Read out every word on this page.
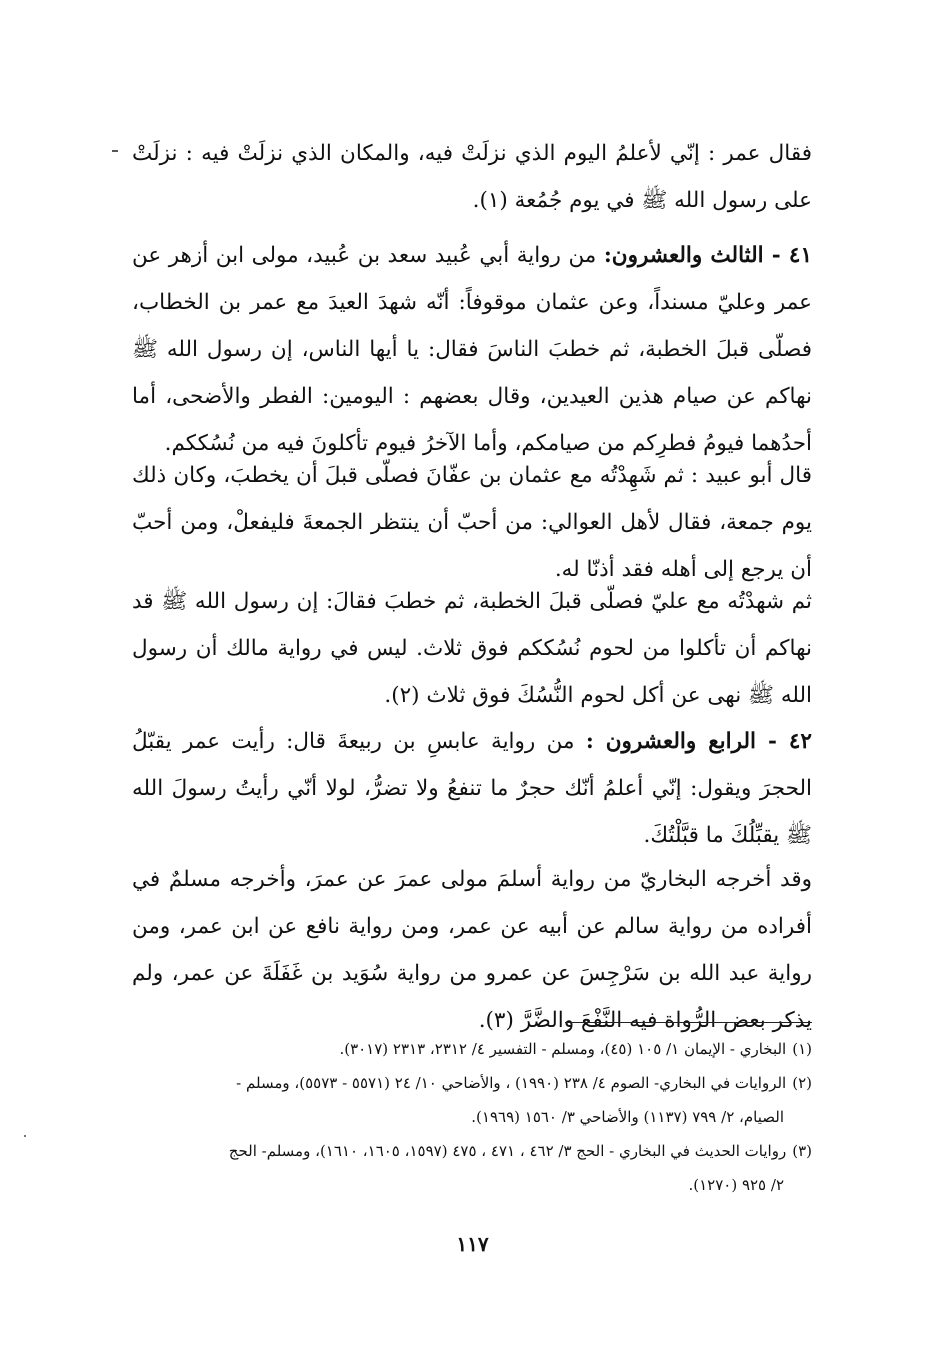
فقال عمر : إنّي لأعلمُ اليوم الذي نزلَتْ فيه، والمكان الذي نزلَتْ فيه : نزلَتْ على رسول الله ﷺ في يوم جُمُعة (١).

٤١ - الثالث والعشرون: من رواية أبي عُبيد سعد بن عُبيد، مولى ابن أزهر عن عمر وعليّ مسنداً، وعن عثمان موقوفاً: أنّه شهدَ العيدَ مع عمر بن الخطاب، فصلّى قبلَ الخطبة، ثم خطبَ الناسَ فقال: يا أيها الناس، إن رسول الله ﷺ نهاكم عن صيام هذين العيدين، وقال بعضهم : اليومين: الفطر والأضحى، أما أحدُهما فيومُ فطرِكم من صيامكم، وأما الآخرُ فيوم تأكلونَ فيه من نُسُككم.

قال أبو عبيد : ثم شَهِدْتُه مع عثمان بن عفّانَ فصلّى قبلَ أن يخطبَ، وكان ذلك يوم جمعة، فقال لأهل العوالي: من أحبّ أن ينتظر الجمعةَ فليفعلْ، ومن أحبّ أن يرجع إلى أهله فقد أذنّا له.

ثم شهدْتُه مع عليّ فصلّى قبلَ الخطبة، ثم خطبَ فقالَ: إن رسول الله ﷺ قد نهاكم أن تأكلوا من لحوم نُسُككم فوق ثلاث. ليس في رواية مالك أن رسول الله ﷺ نهى عن أكل لحوم النُّسُكَ فوق ثلاث (٢).

٤٢ - الرابع والعشرون : من رواية عابسِ بن ربيعةَ قال: رأيت عمر يقبّلُ الحجرَ ويقول: إنّي أعلمُ أنّك حجرٌ ما تنفعُ ولا تضرُّ، لولا أنّي رأيتُ رسولَ الله ﷺ يقبِّلُكَ ما قبَّلْتُكَ.

وقد أخرجه البخاريّ من رواية أسلمَ مولى عمرَ عن عمرَ، وأخرجه مسلمٌ في أفراده من رواية سالم عن أبيه عن عمر، ومن رواية نافع عن ابن عمر، ومن رواية عبد الله بن سَرْجِسَ عن عمرو من رواية سُوَيد بن غَفَلَةَ عن عمر، ولم يذكر بعض الرُّواة فيه النَّفْعَ والضَّرَّ (٣).

(١)البخاري - الإيمان ١/ ١٠٥ (٤٥)، ومسلم - التفسير ٤/ ٢٣١٢، ٢٣١٣ (٣٠١٧).

(٢)الروايات في البخاري- الصوم ٤/ ٢٣٨ (١٩٩٠) ، والأضاحي ١٠/ ٢٤ (٥٥٧١ - ٥٥٧٣)، ومسلم -

الصيام، ٢/ ٧٩٩ (١١٣٧) والأضاحي ٣/ ١٥٦٠ (١٩٦٩).

(٣)روايات الحديث في البخاري - الحج ٣/ ٤٦٢ ، ٤٧١ ، ٤٧٥ (١٥٩٧، ١٦٠٥، ١٦١٠)، ومسلم- الحج

٢/ ٩٢٥ (١٢٧٠).

١١٧
